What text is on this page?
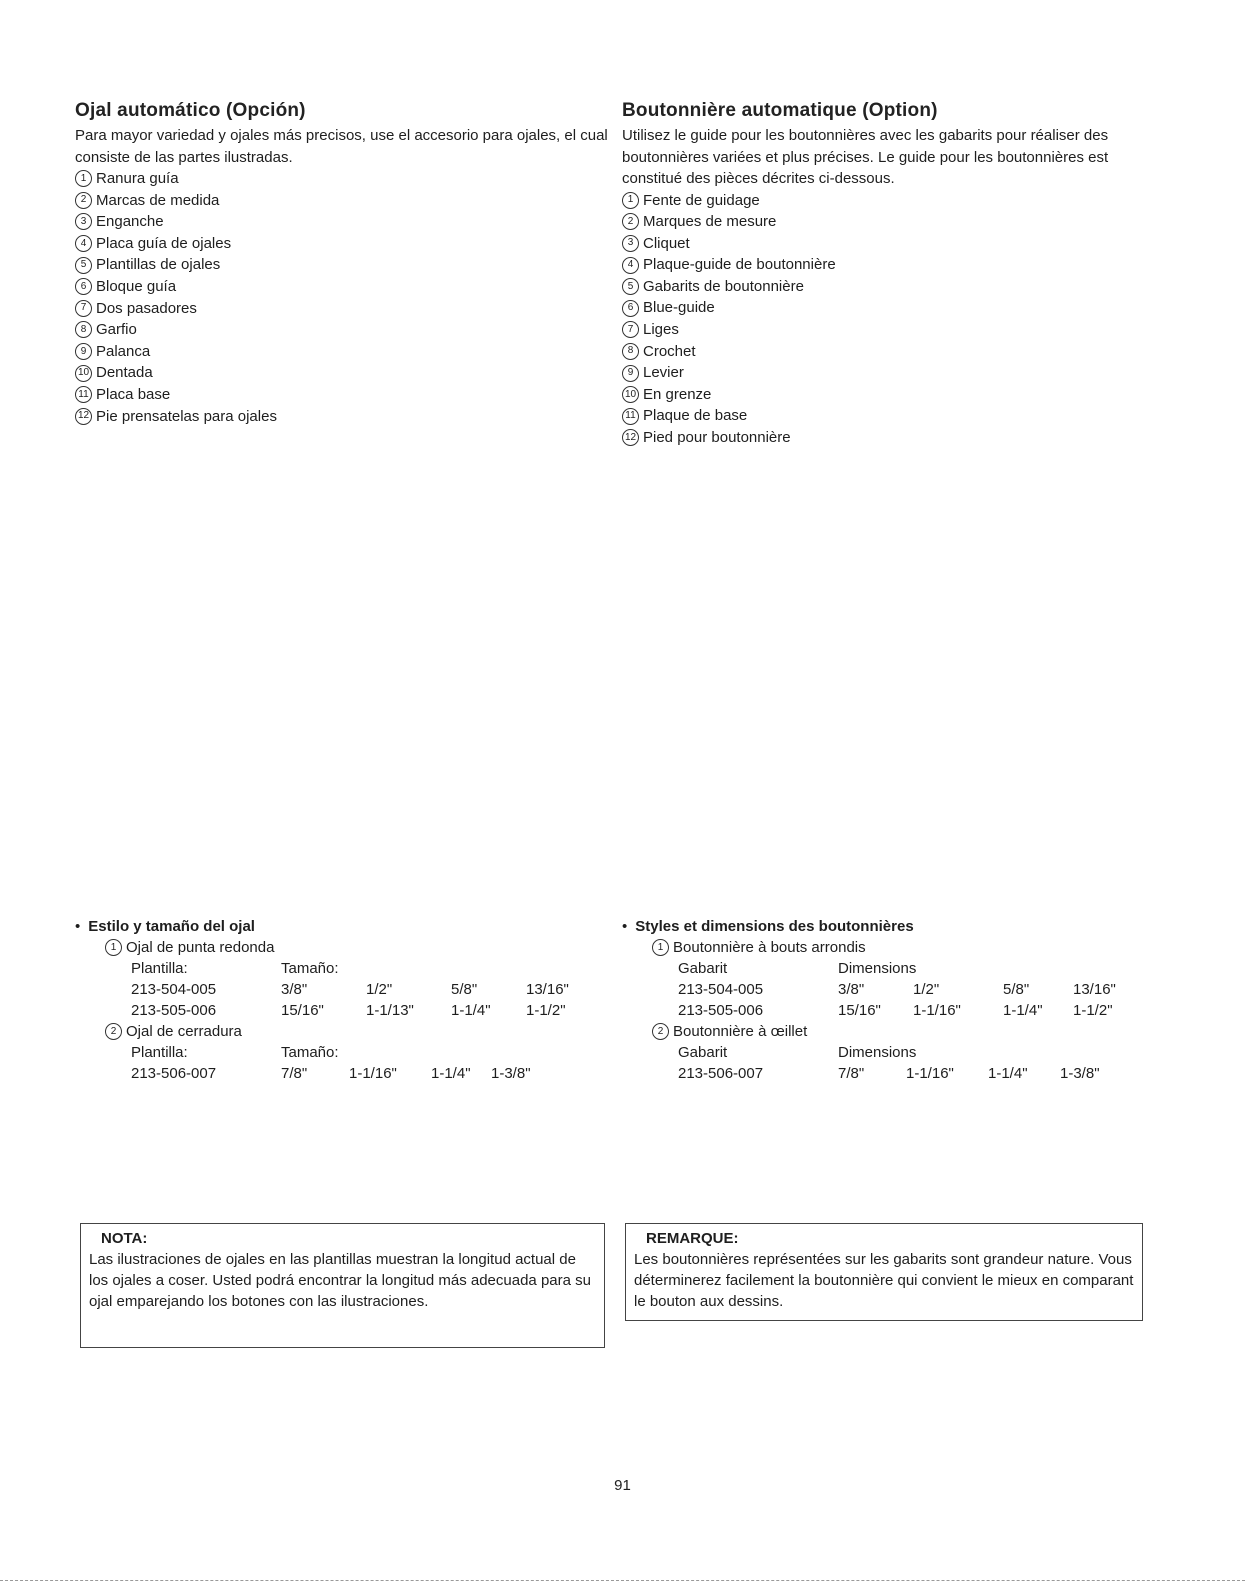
Ojal automático (Opción)

Para mayor variedad y ojales más precisos, use el accesorio para ojales, el cual consiste de las partes ilustradas.

1 Ranura guía
2 Marcas de medida
3 Enganche
4 Placa guía de ojales
5 Plantillas de ojales
6 Bloque guía
7 Dos pasadores
8 Garfio
9 Palanca
10 Dentada
11 Placa base
12 Pie prensatelas para ojales
Boutonnière automatique (Option)

Utilisez le guide pour les boutonnières avec les gabarits pour réaliser des boutonnières variées et plus précises. Le guide pour les boutonnières est constitué des pièces décrites ci-dessous.

1 Fente de guidage
2 Marques de mesure
3 Cliquet
4 Plaque-guide de boutonnière
5 Gabarits de boutonnière
6 Blue-guide
7 Liges
8 Crochet
9 Levier
10 En grenze
11 Plaque de base
12 Pied pour boutonnière

• Estilo y tamaño del ojal

1 Ojal de punta redonda
Plantilla:	Tamaño:			
213-504-005	3/8"	1/2"	5/8"	13/16"
213-505-006	15/16"	1-1/13"	1-1/4"	1-1/2"
2 Ojal de cerradura
Plantilla:	Tamaño:			
213-506-007	7/8"	1-1/16"	1-1/4"	1-3/8"

• Styles et dimensions des boutonnières

1 Boutonnière à bouts arrondis
Gabarit	Dimensions			
213-504-005	3/8"	1/2"	5/8"	13/16"
213-505-006	15/16"	1-1/16"	1-1/4"	1-1/2"
2 Boutonnière à œillet
Gabarit	Dimensions			
213-506-007	7/8"	1-1/16"	1-1/4"	1-3/8"

NOTA:

Las ilustraciones de ojales en las plantillas muestran la longitud actual de los ojales a coser. Usted podrá encontrar la longitud más adecuada para su ojal emparejando los botones con las ilustraciones.

REMARQUE:

Les boutonnières représentées sur les gabarits sont grandeur nature. Vous déterminerez facilement la boutonnière qui convient le mieux en comparant le bouton aux dessins.
91
